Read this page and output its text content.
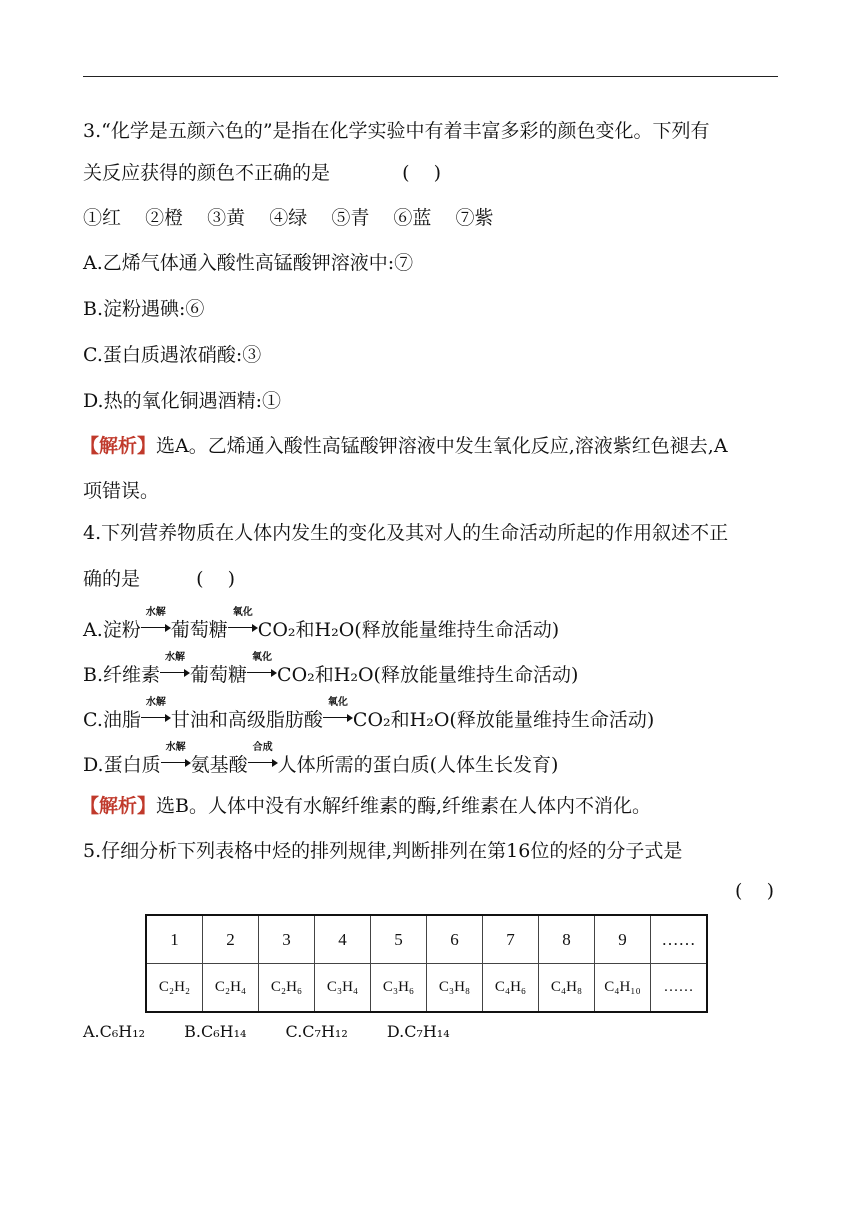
3.“化学是五颜六色的”是指在化学实验中有着丰富多彩的颜色变化。下列有
关反应获得的颜色不正确的是	(    )
①红  ②橙  ③黄  ④绿  ⑤青  ⑥蓝  ⑦紫
A.乙烯气体通入酸性高锰酸钾溶液中:⑦
B.淀粉遇碘:⑥
C.蛋白质遇浓硝酸:③
D.热的氧化铜遇酒精:①
【解析】选A。乙烯通入酸性高锰酸钾溶液中发生氧化反应,溶液紫红色褪去,A
项错误。
4.下列营养物质在人体内发生的变化及其对人的生命活动所起的作用叙述不正
确的是	(    )
A.淀粉
水解
葡萄糖
氧化
CO₂和H₂O(释放能量维持生命活动)
B.纤维素
水解
葡萄糖
氧化
CO₂和H₂O(释放能量维持生命活动)
C.油脂
水解
甘油和高级脂肪酸
氧化
CO₂和H₂O(释放能量维持生命活动)
D.蛋白质
水解
氨基酸
合成
人体所需的蛋白质(人体生长发育)
【解析】选B。人体中没有水解纤维素的酶,纤维素在人体内不消化。
5.仔细分析下列表格中烃的排列规律,判断排列在第16位的烃的分子式是
(    )
1	2	3	4	5	6	7	8	9	……
C₂H₂	C₂H₄	C₂H₆	C₃H₄	C₃H₆	C₃H₈	C₄H₆	C₄H₈	C₄H₁₀	……
A.C₆H₁₂ B.C₆H₁₄ C.C₇H₁₂ D.C₇H₁₄
